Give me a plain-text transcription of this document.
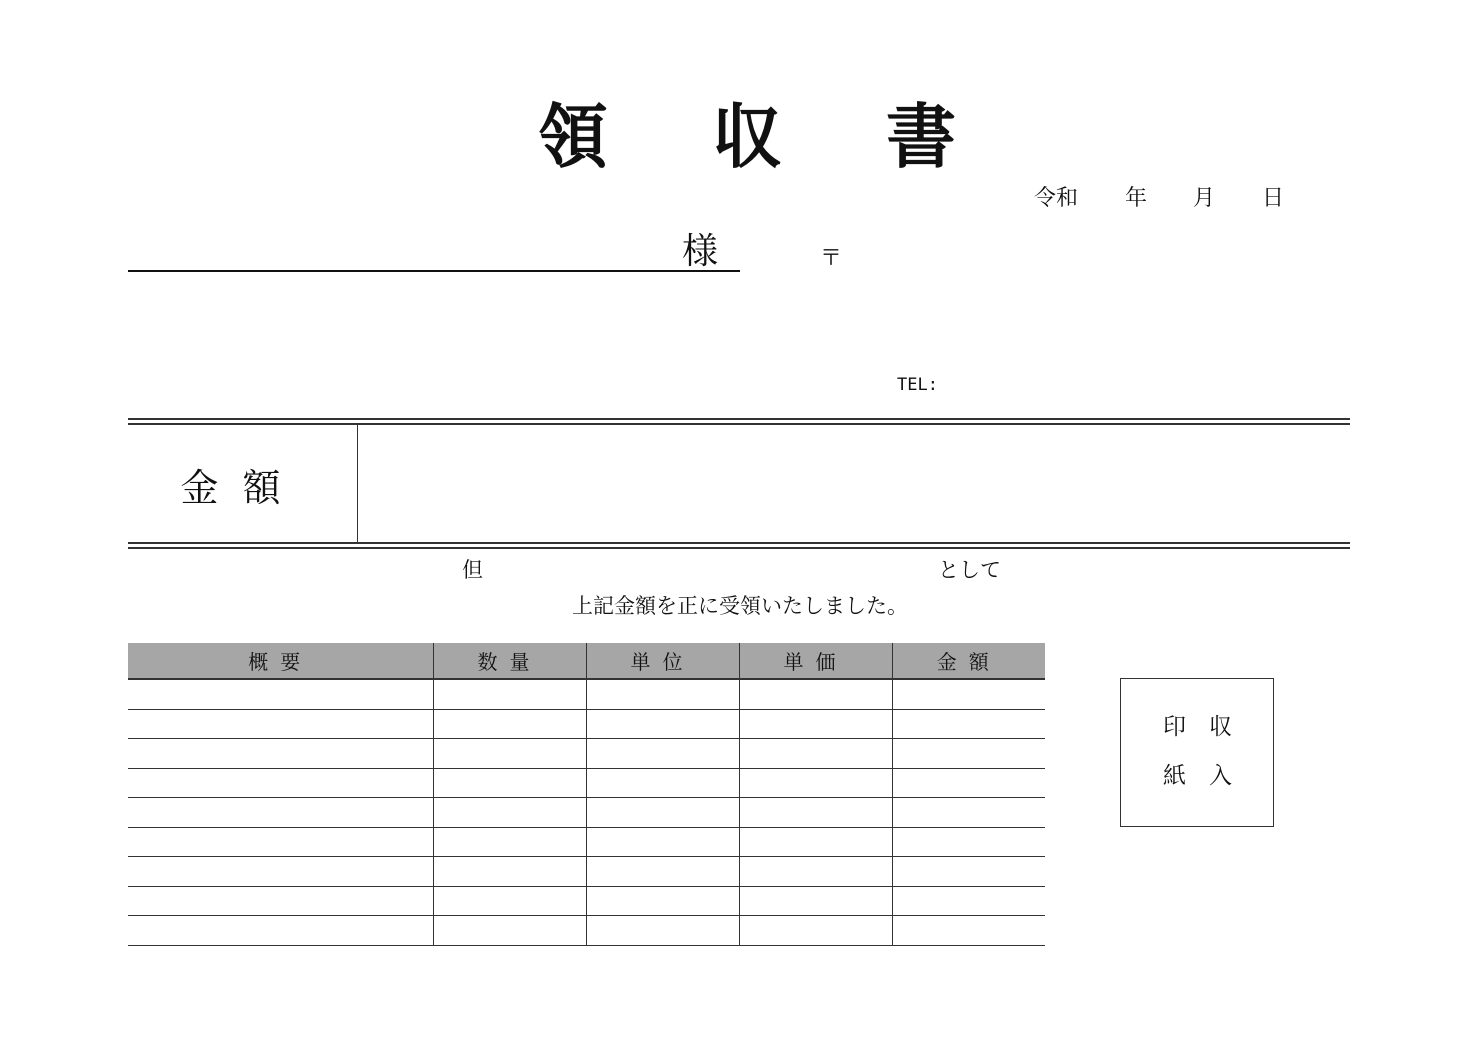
領 収 書
令和 年 月 日
様	〒
TEL:
金額
但	として
上記金額を正に受領いたしました。
概要	数量	単位	単価	金額

印 収
紙 入
